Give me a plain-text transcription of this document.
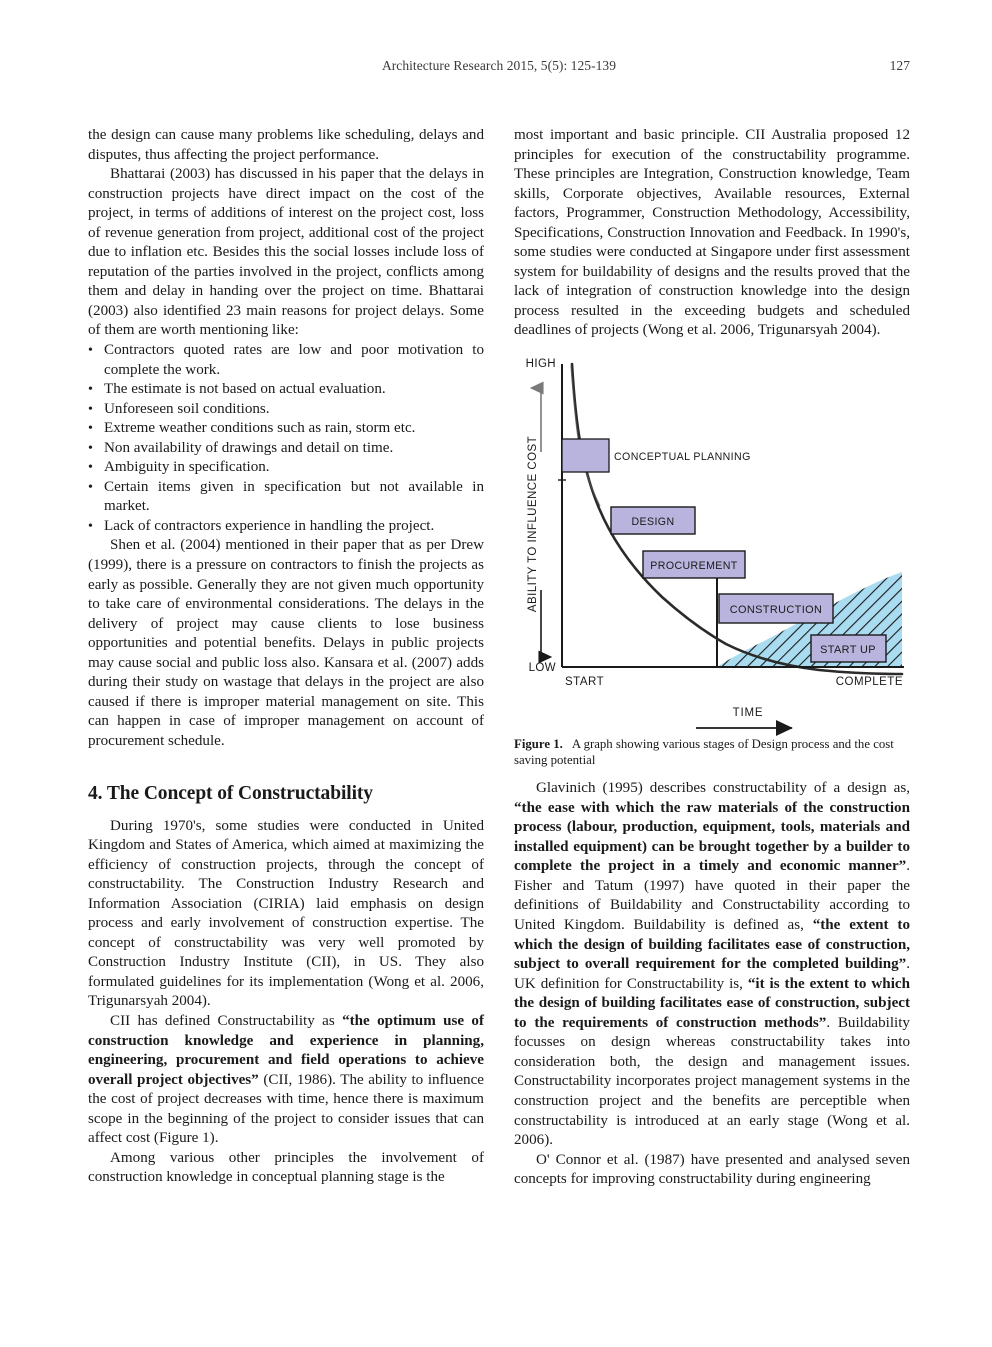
Architecture Research 2015, 5(5): 125-139	127

the design can cause many problems like scheduling, delays and disputes, thus affecting the project performance.

Bhattarai (2003) has discussed in his paper that the delays in construction projects have direct impact on the cost of the project, in terms of additions of interest on the project cost, loss of revenue generation from project, additional cost of the project due to inflation etc. Besides this the social losses include loss of reputation of the parties involved in the project, conflicts among them and delay in handing over the project on time. Bhattarai (2003) also identified 23 main reasons for project delays. Some of them are worth mentioning like:

• Contractors quoted rates are low and poor motivation to complete the work.
• The estimate is not based on actual evaluation.
• Unforeseen soil conditions.
• Extreme weather conditions such as rain, storm etc.
• Non availability of drawings and detail on time.
• Ambiguity in specification.
• Certain items given in specification but not available in market.
• Lack of contractors experience in handling the project.

Shen et al. (2004) mentioned in their paper that as per Drew (1999), there is a pressure on contractors to finish the projects as early as possible. Generally they are not given much opportunity to take care of environmental considerations. The delays in the delivery of project may cause clients to lose business opportunities and potential benefits. Delays in public projects may cause social and public loss also. Kansara et al. (2007) adds during their study on wastage that delays in the project are also caused if there is improper material management on site. This can happen in case of improper management on account of procurement schedule.

4. The Concept of Constructability

During 1970's, some studies were conducted in United Kingdom and States of America, which aimed at maximizing the efficiency of construction projects, through the concept of constructability. The Construction Industry Research and Information Association (CIRIA) laid emphasis on design process and early involvement of construction expertise. The concept of constructability was very well promoted by Construction Industry Institute (CII), in US. They also formulated guidelines for its implementation (Wong et al. 2006, Trigunarsyah 2004).

CII has defined Constructability as “the optimum use of construction knowledge and experience in planning, engineering, procurement and field operations to achieve overall project objectives” (CII, 1986). The ability to influence the cost of project decreases with time, hence there is maximum scope in the beginning of the project to consider issues that can affect cost (Figure 1).

Among various other principles the involvement of construction knowledge in conceptual planning stage is the

most important and basic principle. CII Australia proposed 12 principles for execution of the constructability programme. These principles are Integration, Construction knowledge, Team skills, Corporate objectives, Available resources, External factors, Programmer, Construction Methodology, Accessibility, Specifications, Construction Innovation and Feedback. In 1990's, some studies were conducted at Singapore under first assessment system for buildability of designs and the results proved that the lack of integration of construction knowledge into the design process resulted in the exceeding budgets and scheduled deadlines of projects (Wong et al. 2006, Trigunarsyah 2004).

HIGH
LOW
ABILITY TO INFLUENCE COST
START	COMPLETE
TIME
CONCEPTUAL PLANNING
DESIGN
PROCUREMENT
CONSTRUCTION
START UP

Figure 1. A graph showing various stages of Design process and the cost saving potential

Glavinich (1995) describes constructability of a design as, “the ease with which the raw materials of the construction process (labour, production, equipment, tools, materials and installed equipment) can be brought together by a builder to complete the project in a timely and economic manner”. Fisher and Tatum (1997) have quoted in their paper the definitions of Buildability and Constructability according to United Kingdom. Buildability is defined as, “the extent to which the design of building facilitates ease of construction, subject to overall requirement for the completed building”. UK definition for Constructability is, “it is the extent to which the design of building facilitates ease of construction, subject to the requirements of construction methods”. Buildability focusses on design whereas constructability takes into consideration both, the design and management issues. Constructability incorporates project management systems in the construction project and the benefits are perceptible when constructability is introduced at an early stage (Wong et al. 2006).

O' Connor et al. (1987) have presented and analysed seven concepts for improving constructability during engineering
